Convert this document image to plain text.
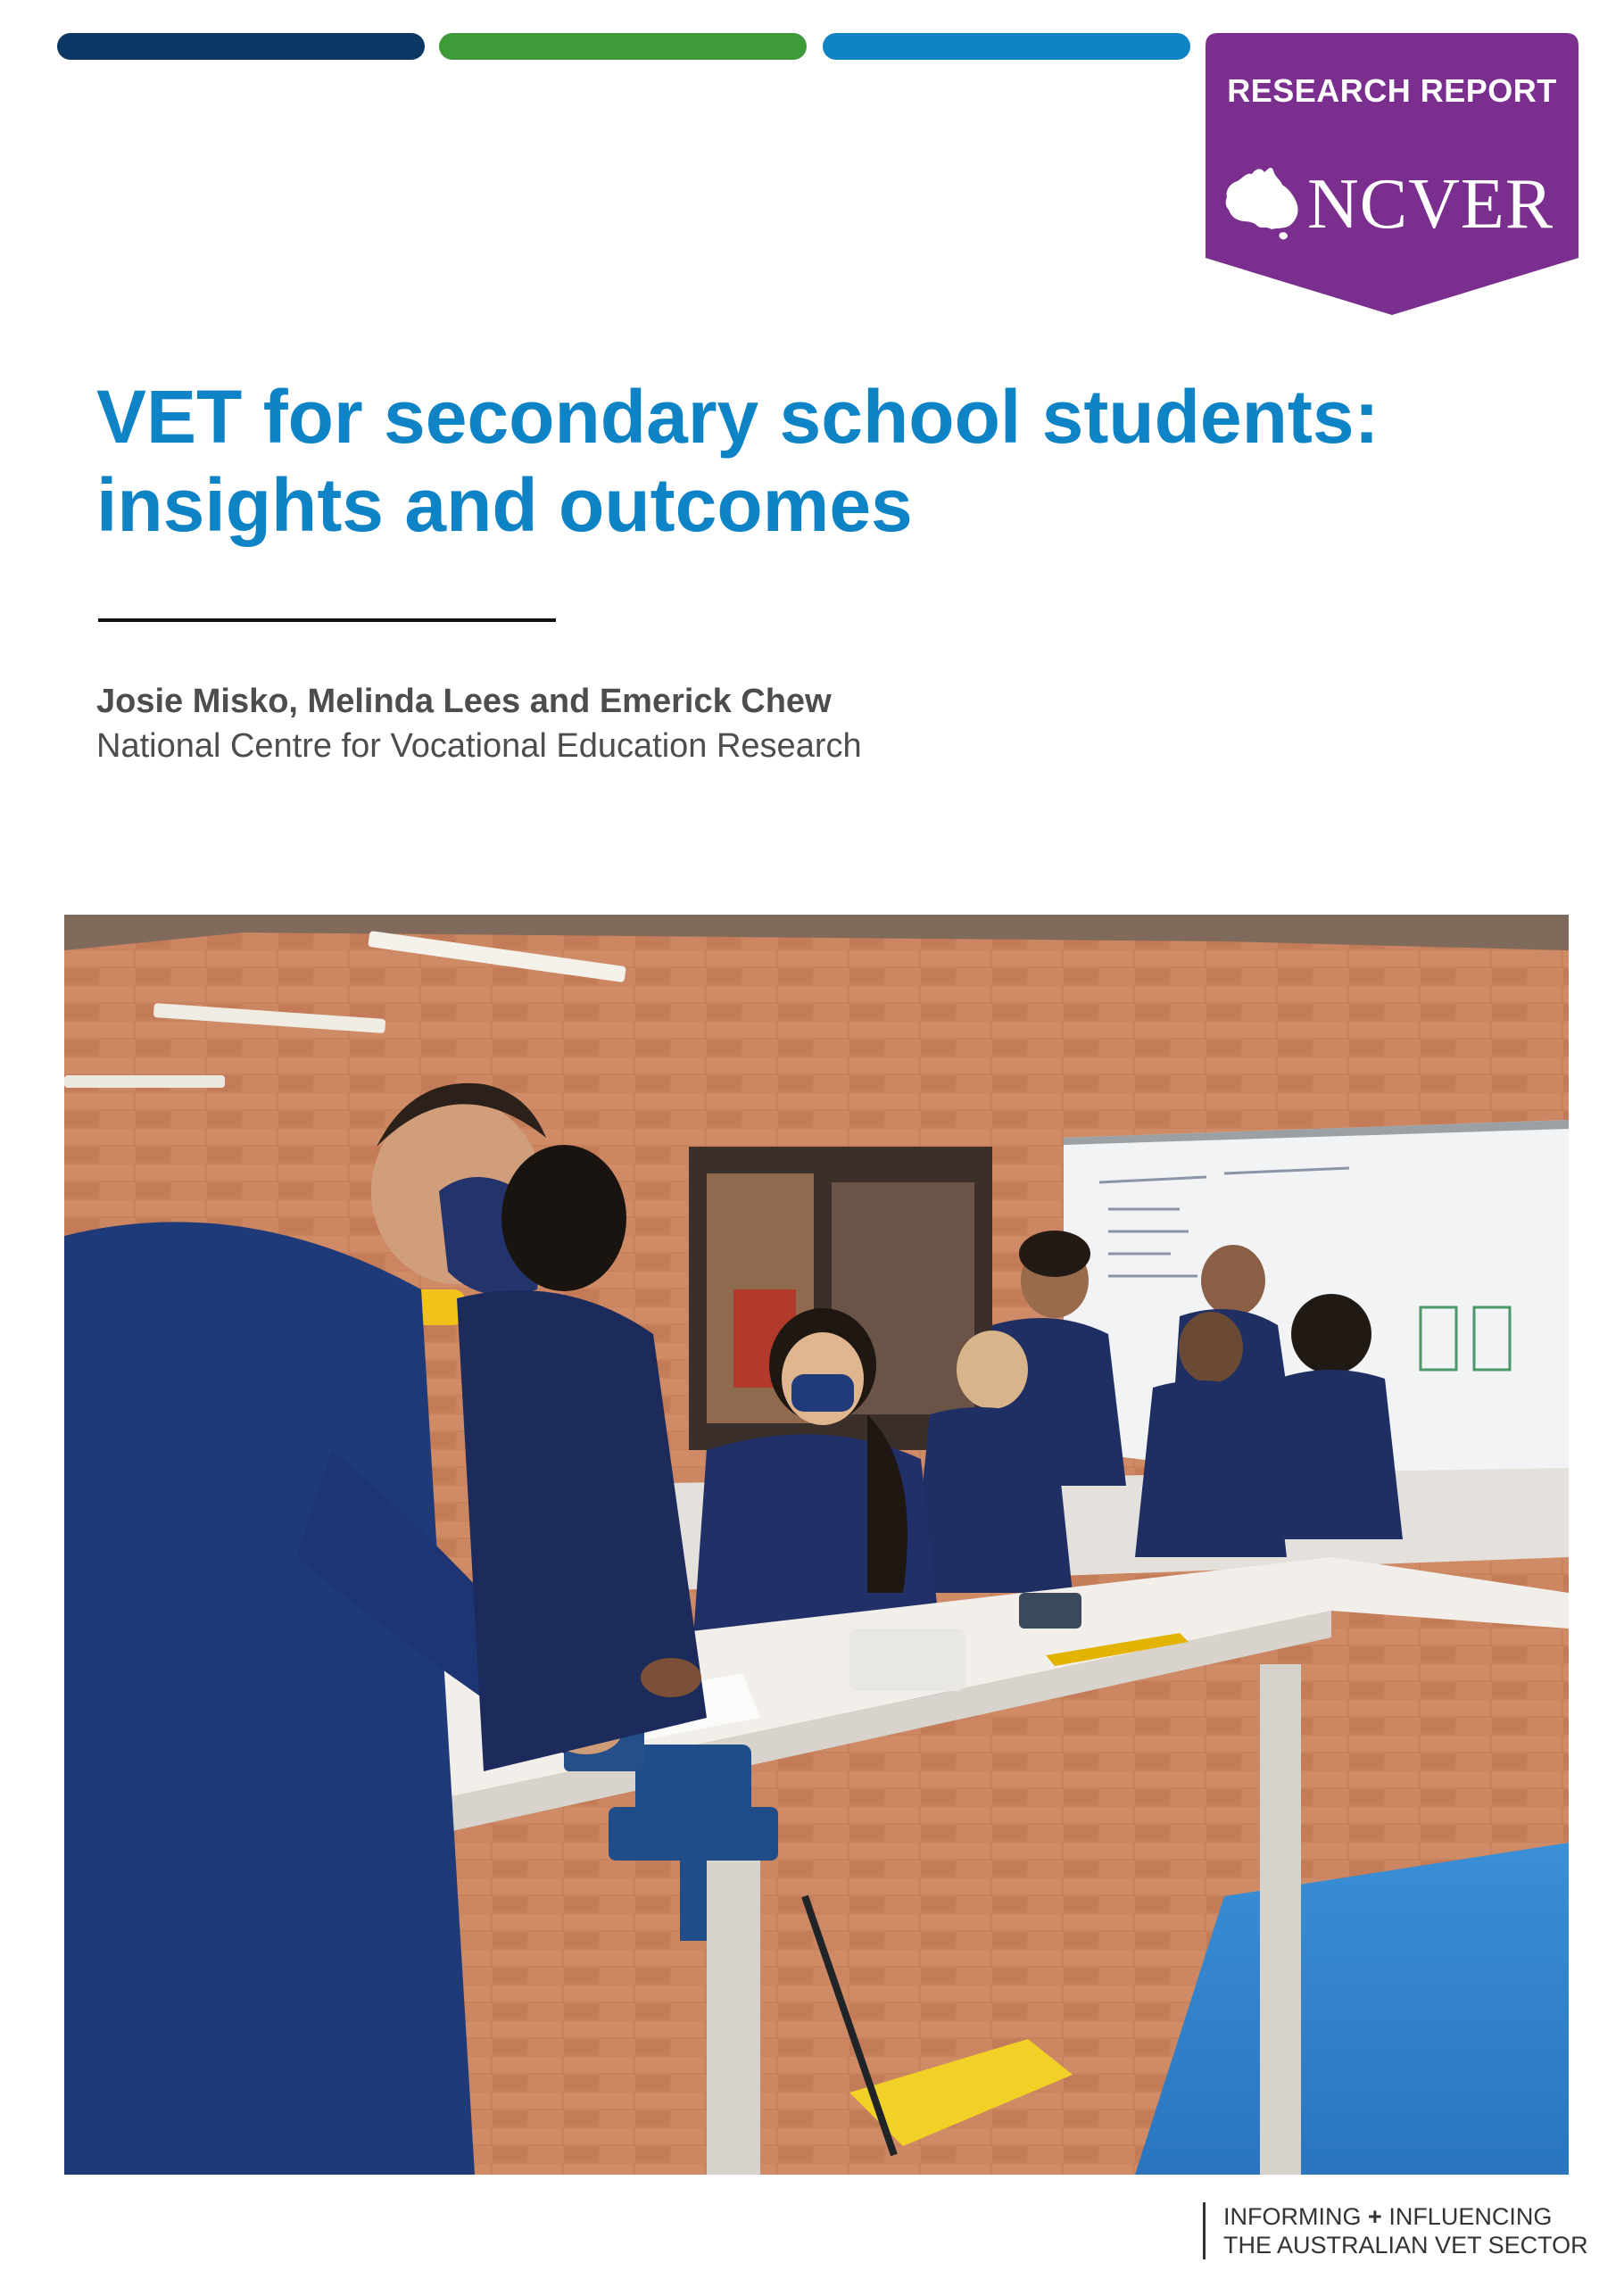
RESEARCH REPORT
NCVER
VET for secondary school students:
insights and outcomes
Josie Misko, Melinda Lees and Emerick Chew
National Centre for Vocational Education Research
INFORMING + INFLUENCING
THE AUSTRALIAN VET SECTOR
